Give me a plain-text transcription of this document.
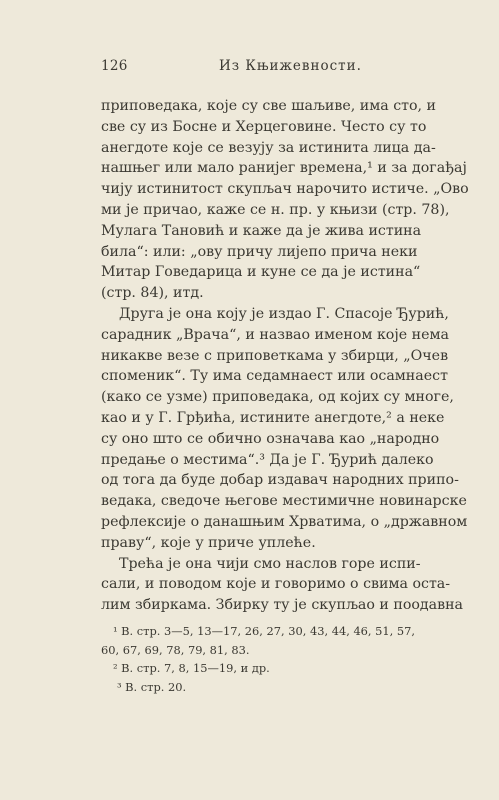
126	Из Књижевности.
приповедака, које су све шаљиве, има сто, и
све су из Босне и Херцеговине. Често су то
анегдоте које се везују за истинита лица да-
нашњег или мало ранијег времена,¹ и за догађај
чију истинитост скупљач нарочито истиче. „Ово
ми је причао, каже се н. пр. у књизи (стр. 78),
Мулага Тановић и каже да је жива истина
била“: или: „ову причу лијепо прича неки
Митар Говедарица и куне се да је истина“
(стр. 84), итд.
Друга је она коју је издао Г. Спасоје Ђурић,
сарадник „Врача“, и назвао именом које нема
никакве везе с приповеткама у збирци, „Очев
споменик“. Ту има седамнаест или осамнаест
(како се узме) приповедака, од којих су многе,
као и у Г. Грђића, истините анегдоте,² а неке
су оно што се обично означава као „народно
предање о местима“.³ Да је Г. Ђурић далеко
од тога да буде добар издавач народних припо-
ведака, сведоче његове местимичне новинарске
рефлексије о данашњим Хрватима, о „државном
праву“, које у приче уплеће.
Трећа је она чији смо наслов горе испи-
сали, и поводом које и говоримо о свима оста-
лим збиркама. Збирку ту је скупљао и поодавна
¹ В. стр. 3—5, 13—17, 26, 27, 30, 43, 44, 46, 51, 57,
60, 67, 69, 78, 79, 81, 83.
² В. стр. 7, 8, 15—19, и др.
³ В. стр. 20.
